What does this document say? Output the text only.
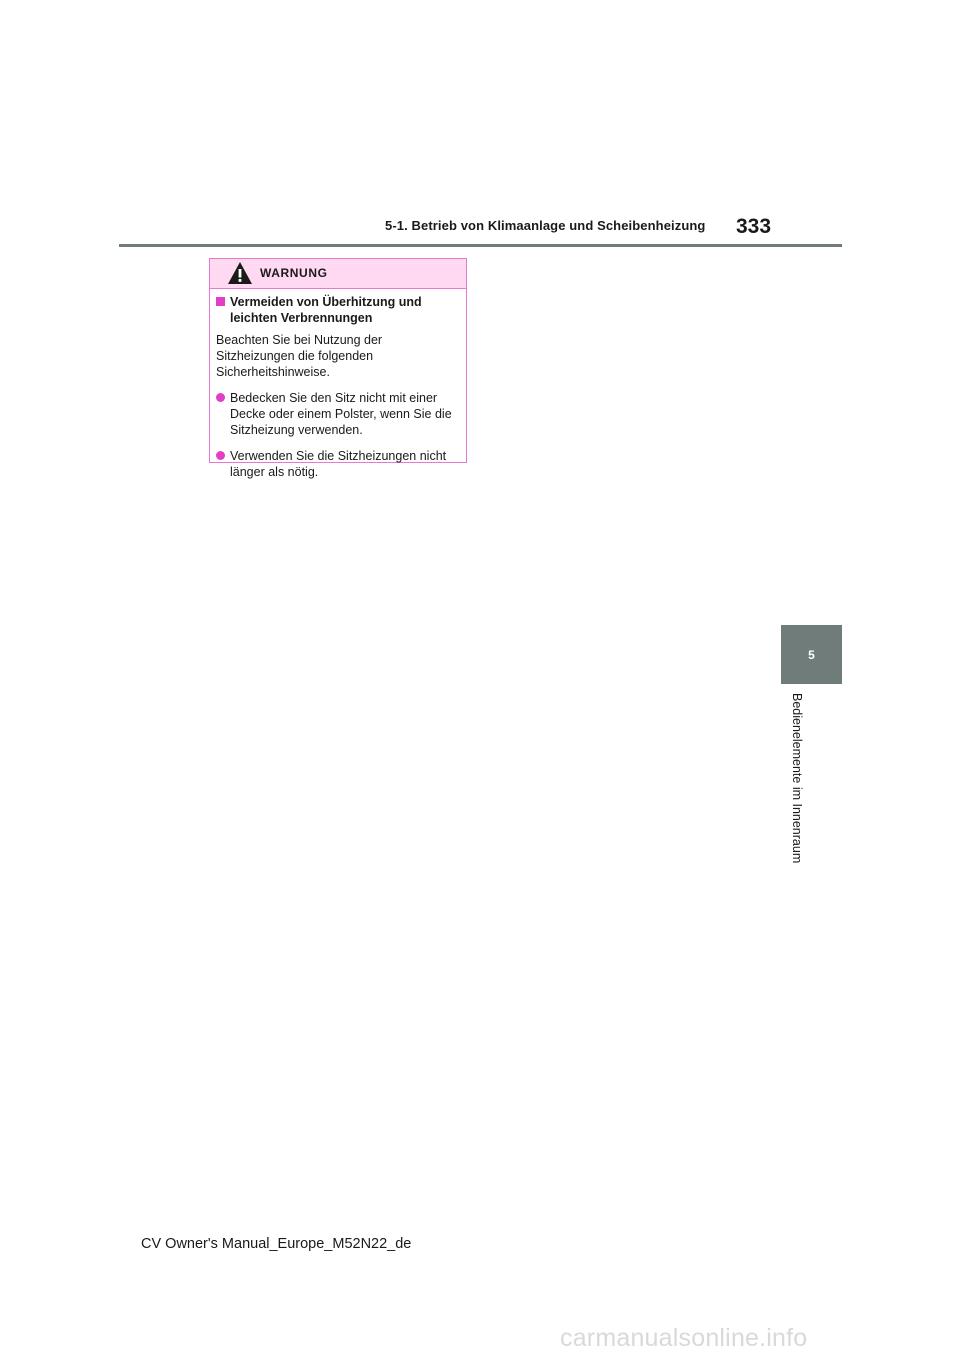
5-1. Betrieb von Klimaanlage und Scheibenheizung 333
WARNUNG
Vermeiden von Überhitzung und leichten Verbrennungen
Beachten Sie bei Nutzung der Sitzheizungen die folgenden Sicherheitshinweise.
Bedecken Sie den Sitz nicht mit einer Decke oder einem Polster, wenn Sie die Sitzheizung verwenden.
Verwenden Sie die Sitzheizungen nicht länger als nötig.
5
Bedienelemente im Innenraum
CV Owner's Manual_Europe_M52N22_de
carmanualsonline.info
